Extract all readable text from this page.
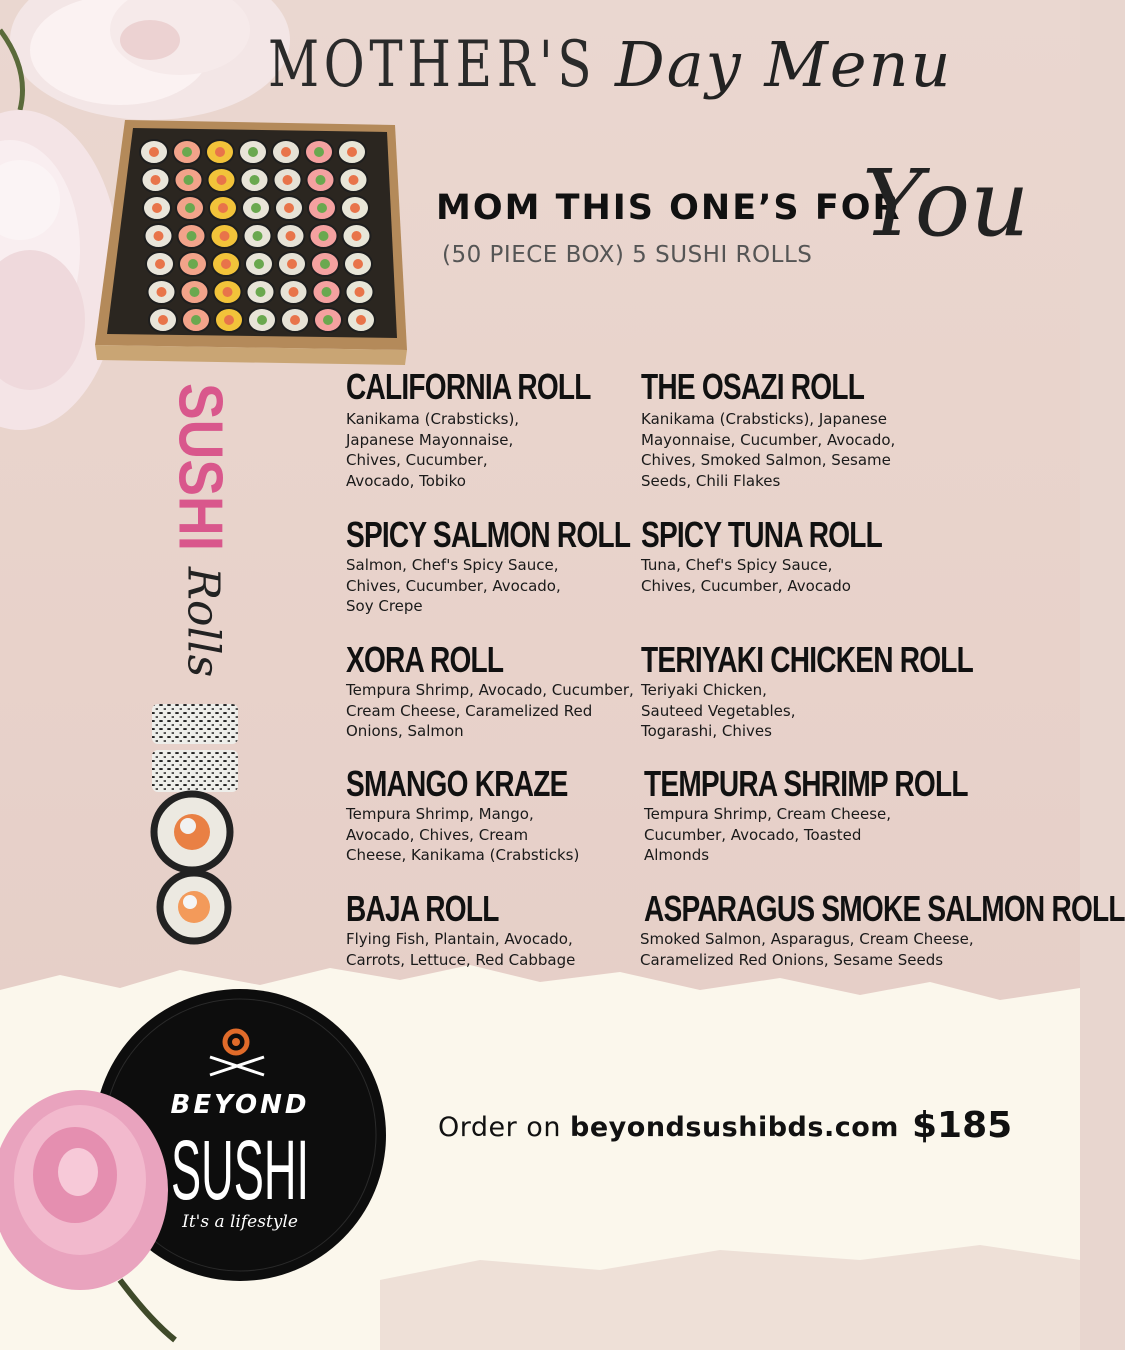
MOTHER'S Day Menu
MOM THIS ONE’S FOR
You
(50 PIECE BOX) 5 SUSHI ROLLS
SUSHI
Rolls
CALIFORNIA ROLL
Kanikama (Crabsticks),
Japanese Mayonnaise,
Chives, Cucumber,
Avocado, Tobiko
THE OSAZI ROLL
Kanikama (Crabsticks), Japanese
Mayonnaise, Cucumber, Avocado,
Chives, Smoked Salmon, Sesame
Seeds, Chili Flakes
SPICY SALMON ROLL
Salmon, Chef's Spicy Sauce,
Chives, Cucumber, Avocado,
Soy Crepe
SPICY TUNA ROLL
Tuna, Chef's Spicy Sauce,
Chives, Cucumber, Avocado
XORA ROLL
Tempura Shrimp, Avocado, Cucumber,
Cream Cheese, Caramelized Red
Onions, Salmon
TERIYAKI CHICKEN ROLL
Teriyaki Chicken,
Sauteed Vegetables,
Togarashi, Chives
SMANGO KRAZE
Tempura Shrimp, Mango,
Avocado, Chives, Cream
Cheese, Kanikama (Crabsticks)
TEMPURA SHRIMP ROLL
Tempura Shrimp, Cream Cheese,
Cucumber, Avocado, Toasted
Almonds
BAJA ROLL
Flying Fish, Plantain, Avocado,
Carrots, Lettuce, Red Cabbage
ASPARAGUS SMOKE SALMON ROLL
Smoked Salmon, Asparagus, Cream Cheese,
Caramelized Red Onions, Sesame Seeds
BEYOND
SUSHI
It's a lifestyle
Order on beyondsushibds.com $185
